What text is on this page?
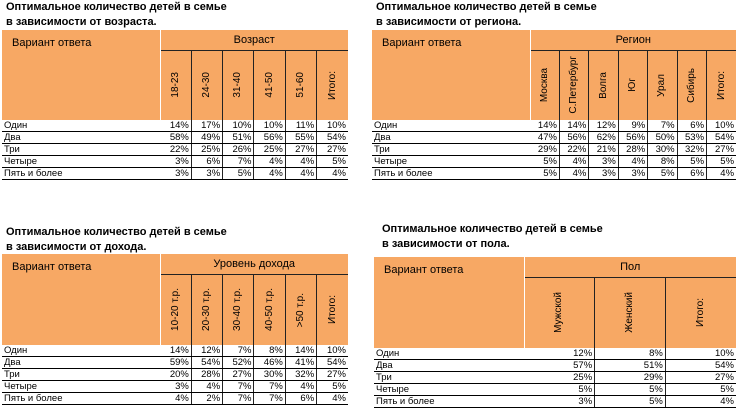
Оптимальное количество детей в семье
в зависимости от возраста.
Вариант ответа	Возраст					

	18-23	24-30	31-40	41-50	51-60	Итого:

Один	14%	17%	10%	10%	11%	10%
Два	58%	49%	51%	56%	55%	54%
Три	22%	25%	26%	25%	27%	27%
Четыре	3%	6%	7%	4%	4%	5%
Пять и более	3%	3%	5%	4%	4%	4%
Оптимальное количество детей в семье
в зависимости от региона.
Вариант ответа	Регион						

	Москва	С.Петербург	Волга	Юг	Урал	Сибирь	Итого:

Один	14%	14%	12%	9%	7%	6%	10%
Два	47%	56%	62%	56%	50%	53%	54%
Три	29%	22%	21%	28%	30%	32%	27%
Четыре	5%	4%	3%	4%	8%	5%	5%
Пять и более	5%	4%	3%	3%	5%	6%	4%
Оптимальное количество детей в семье
в зависимости от дохода.
Вариант ответа	Уровень дохода					

	10-20 т.р.	20-30 т.р.	30-40 т.р.	40-50 т.р.	>50 т.р.	Итого:

Один	14%	12%	7%	8%	14%	10%
Два	59%	54%	52%	46%	41%	54%
Три	20%	28%	27%	30%	32%	27%
Четыре	3%	4%	7%	7%	4%	5%
Пять и более	4%	2%	7%	7%	6%	4%
Оптимальное количество детей в семье
в зависимости от пола.
Вариант ответа	Пол		

	Мужской	Женский	Итого:

Один	12%	8%	10%
Два	57%	51%	54%
Три	25%	29%	27%
Четыре	5%	5%	5%
Пять и более	3%	5%	4%
